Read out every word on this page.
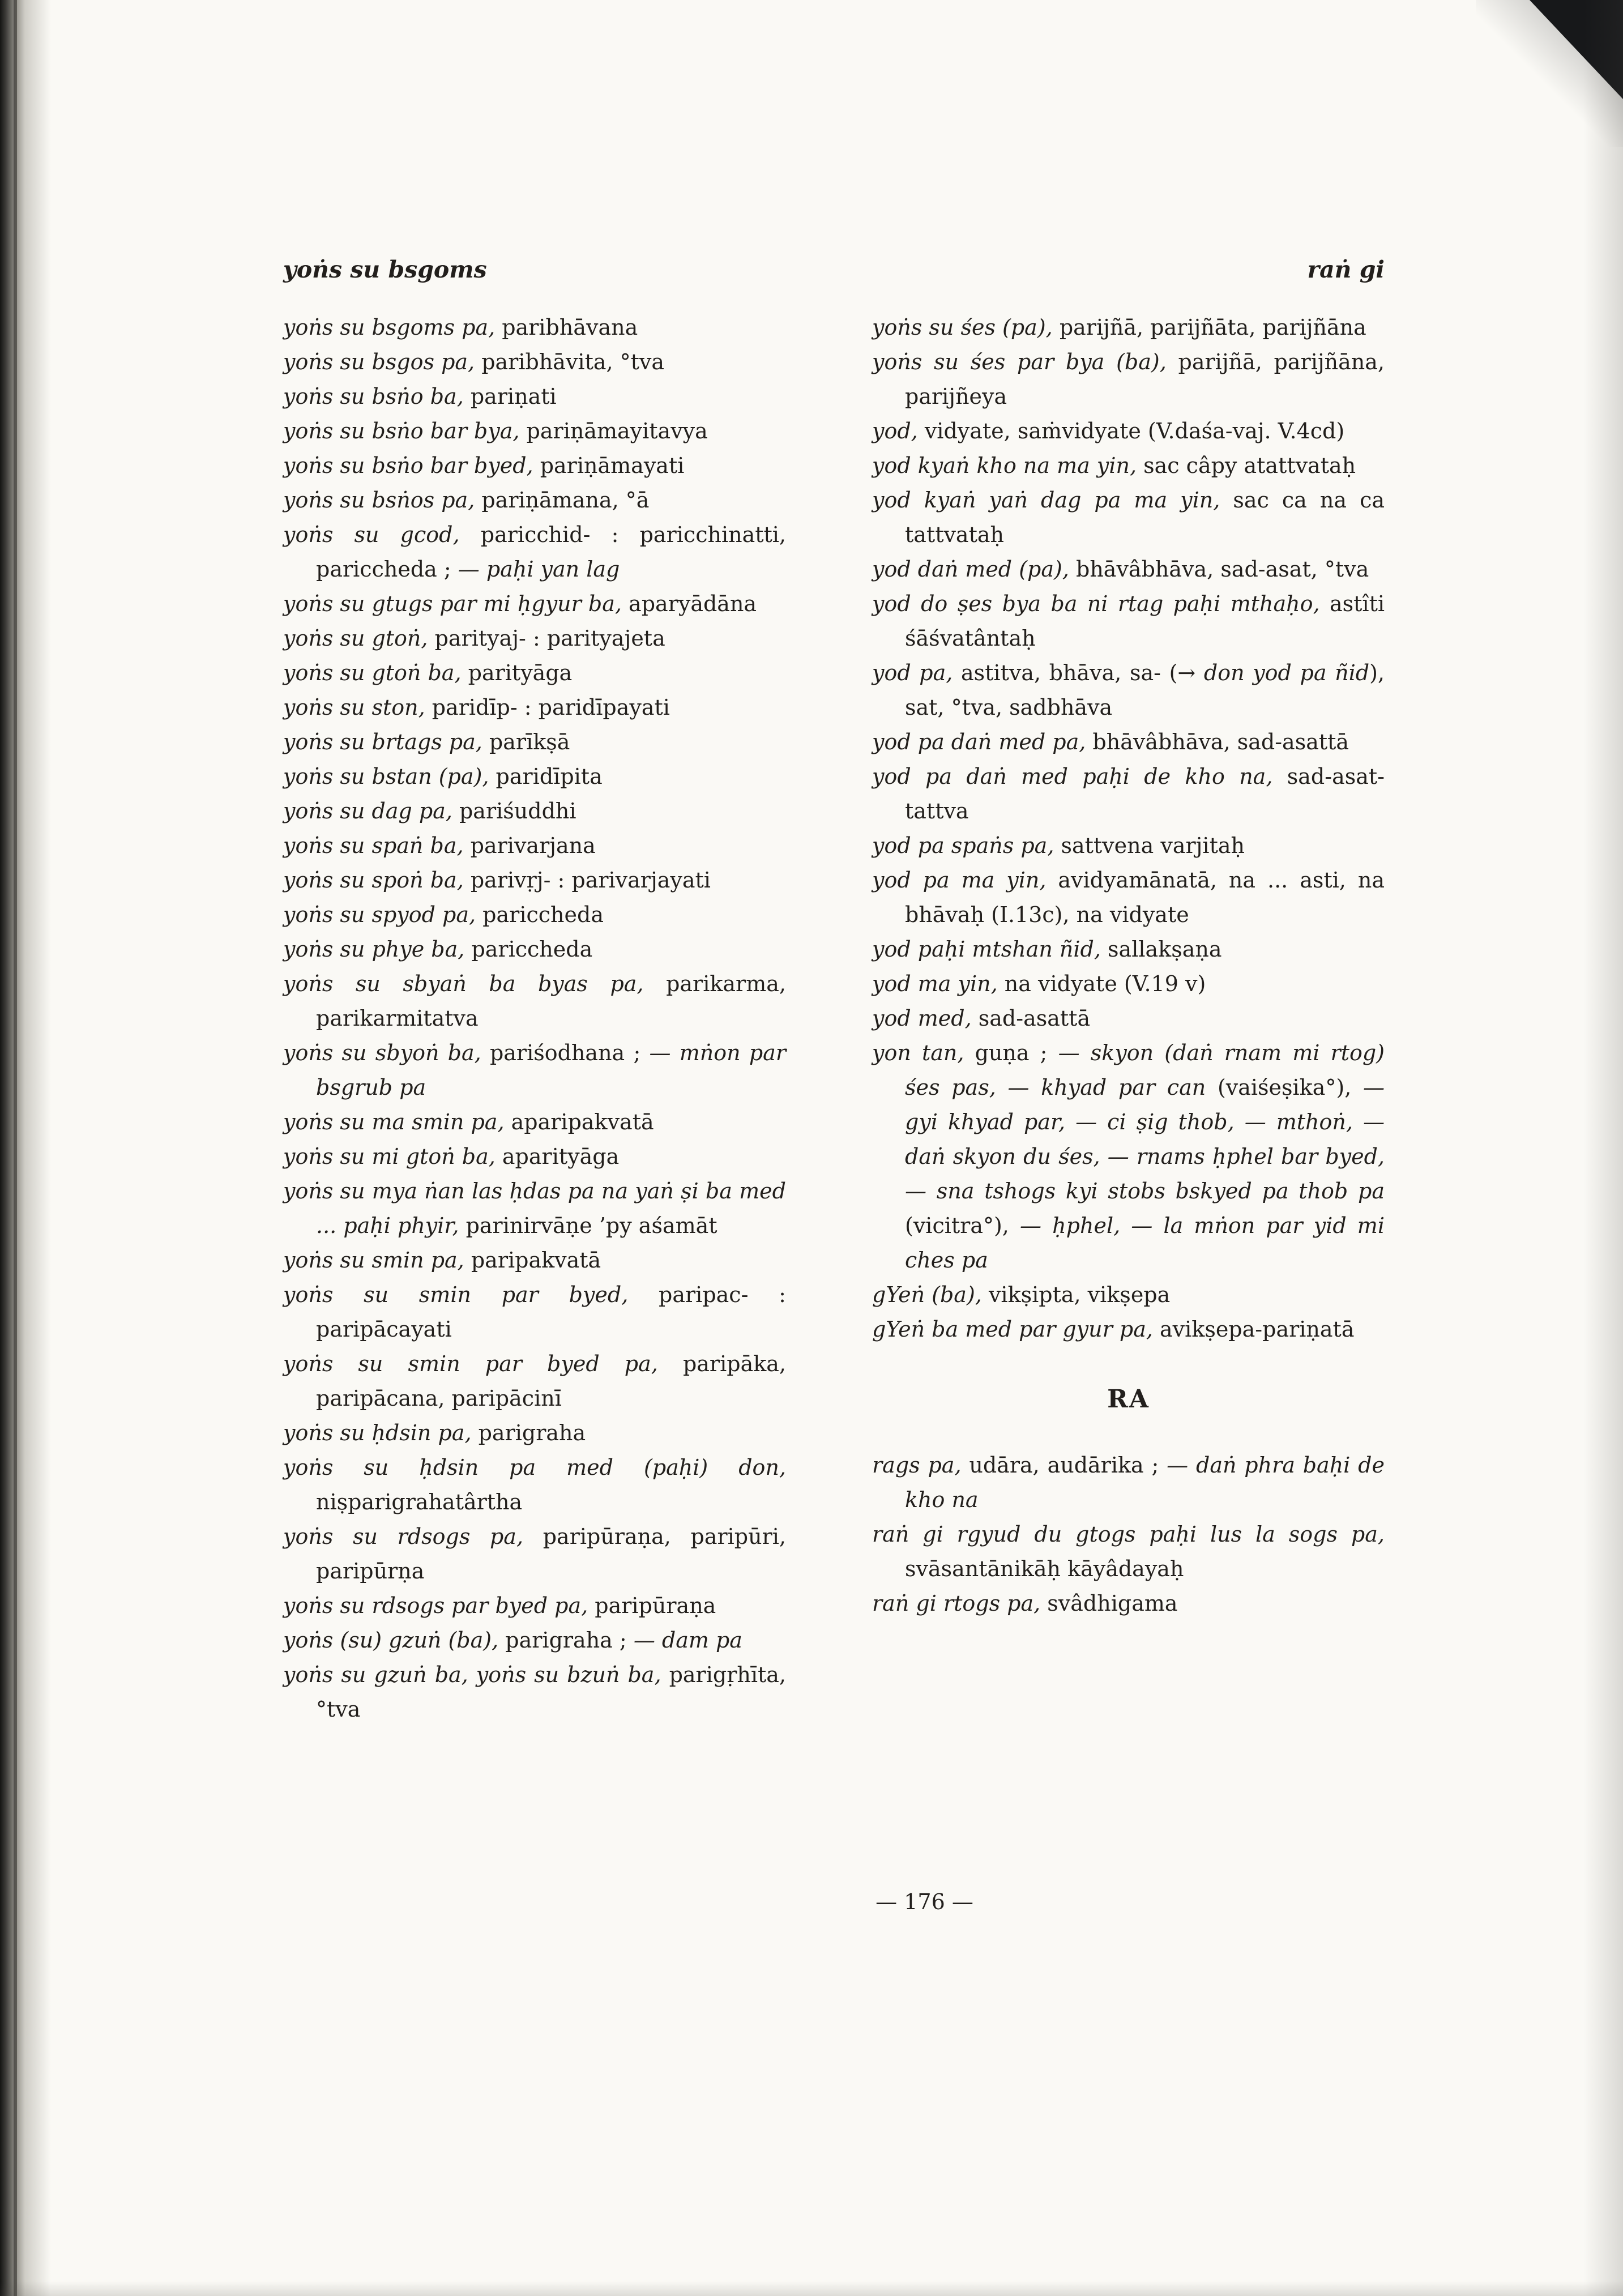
yoṅs su bsgoms	raṅ gi

yoṅs su bsgoms pa, paribhāvana

yoṅs su bsgos pa, paribhāvita, °tva

yoṅs su bsṅo ba, pariṇati

yoṅs su bsṅo bar bya, pariṇāmayitavya

yoṅs su bsṅo bar byed, pariṇāmayati

yoṅs su bsṅos pa, pariṇāmana, °ā

yoṅs su gcod, paricchid- : paricchinatti, pariccheda ; — paḥi yan lag

yoṅs su gtugs par mi ḥgyur ba, aparyādāna

yoṅs su gtoṅ, parityaj- : parityajeta

yoṅs su gtoṅ ba, parityāga

yoṅs su ston, paridīp- : paridīpayati

yoṅs su brtags pa, parīkṣā

yoṅs su bstan (pa), paridīpita

yoṅs su dag pa, pariśuddhi

yoṅs su spaṅ ba, parivarjana

yoṅs su spoṅ ba, parivṛj- : parivarjayati

yoṅs su spyod pa, pariccheda

yoṅs su phye ba, pariccheda

yoṅs su sbyaṅ ba byas pa, parikarma, parikarmitatva

yoṅs su sbyoṅ ba, pariśodhana ; — mṅon par bsgrub pa

yoṅs su ma smin pa, aparipakvatā

yoṅs su mi gtoṅ ba, aparityāga

yoṅs su mya ṅan las ḥdas pa na yaṅ ṣi ba med ... paḥi phyir, parinirvāṇe ’py aśamāt

yoṅs su smin pa, paripakvatā

yoṅs su smin par byed, paripac- : paripācayati

yoṅs su smin par byed pa, paripāka, paripācana, paripācinī

yoṅs su ḥdsin pa, parigraha

yoṅs su ḥdsin pa med (paḥi) don, niṣparigrahatârtha

yoṅs su rdsogs pa, paripūraṇa, paripūri, paripūrṇa

yoṅs su rdsogs par byed pa, paripūraṇa

yoṅs (su) gzuṅ (ba), parigraha ; — dam pa

yoṅs su gzuṅ ba, yoṅs su bzuṅ ba, parigṛhīta, °tva

yoṅs su śes (pa), parijñā, parijñāta, parijñāna

yoṅs su śes par bya (ba), parijñā, parijñāna, parijñeya

yod, vidyate, saṁvidyate (V.daśa-vaj. V.4cd)

yod kyaṅ kho na ma yin, sac câpy atattvataḥ

yod kyaṅ yaṅ dag pa ma yin, sac ca na ca tattvataḥ

yod daṅ med (pa), bhāvâbhāva, sad-asat, °tva

yod do ṣes bya ba ni rtag paḥi mthaḥo, astîti śāśvatântaḥ

yod pa, astitva, bhāva, sa- (→ don yod pa ñid), sat, °tva, sadbhāva

yod pa daṅ med pa, bhāvâbhāva, sad-asattā

yod pa daṅ med paḥi de kho na, sad-asat-tattva

yod pa spaṅs pa, sattvena varjitaḥ

yod pa ma yin, avidyamānatā, na ... asti, na bhāvaḥ (I.13c), na vidyate

yod paḥi mtshan ñid, sallakṣaṇa

yod ma yin, na vidyate (V.19 v)

yod med, sad-asattā

yon tan, guṇa ; — skyon (daṅ rnam mi rtog) śes pas, — khyad par can (vaiśeṣika°), — gyi khyad par, — ci ṣig thob, — mthoṅ, — daṅ skyon du śes, — rnams ḥphel bar byed, — sna tshogs kyi stobs bskyed pa thob pa (vicitra°), — ḥphel, — la mṅon par yid mi ches pa

gYeṅ (ba), vikṣipta, vikṣepa

gYeṅ ba med par gyur pa, avikṣepa-pariṇatā

RA

rags pa, udāra, audārika ; — daṅ phra baḥi de kho na

raṅ gi rgyud du gtogs paḥi lus la sogs pa, svāsantānikāḥ kāyâdayaḥ

raṅ gi rtogs pa, svâdhigama

— 176 —
